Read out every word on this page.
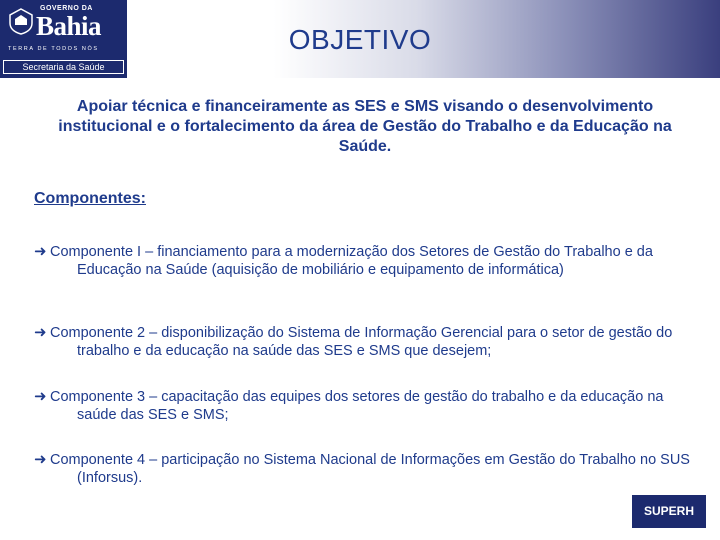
GOVERNO DA
Bahia
TERRA DE TODOS NÓS
Secretaria da Saúde
OBJETIVO

Apoiar técnica e financeiramente as SES e SMS visando o desenvolvimento institucional e o fortalecimento da área de Gestão do Trabalho e da Educação na Saúde.

Componentes:

➜ Componente I – financiamento para a modernização dos Setores de Gestão do Trabalho e da Educação na Saúde (aquisição de mobiliário e equipamento de informática)

➜ Componente 2 – disponibilização do Sistema de Informação Gerencial para o setor de gestão do trabalho e da educação na saúde das SES e SMS que desejem;

➜ Componente 3 – capacitação das equipes dos setores de gestão do trabalho e da educação na saúde das SES e SMS;

➜ Componente 4 – participação no Sistema Nacional de Informações em Gestão do Trabalho no SUS (Inforsus).

SUPERH
